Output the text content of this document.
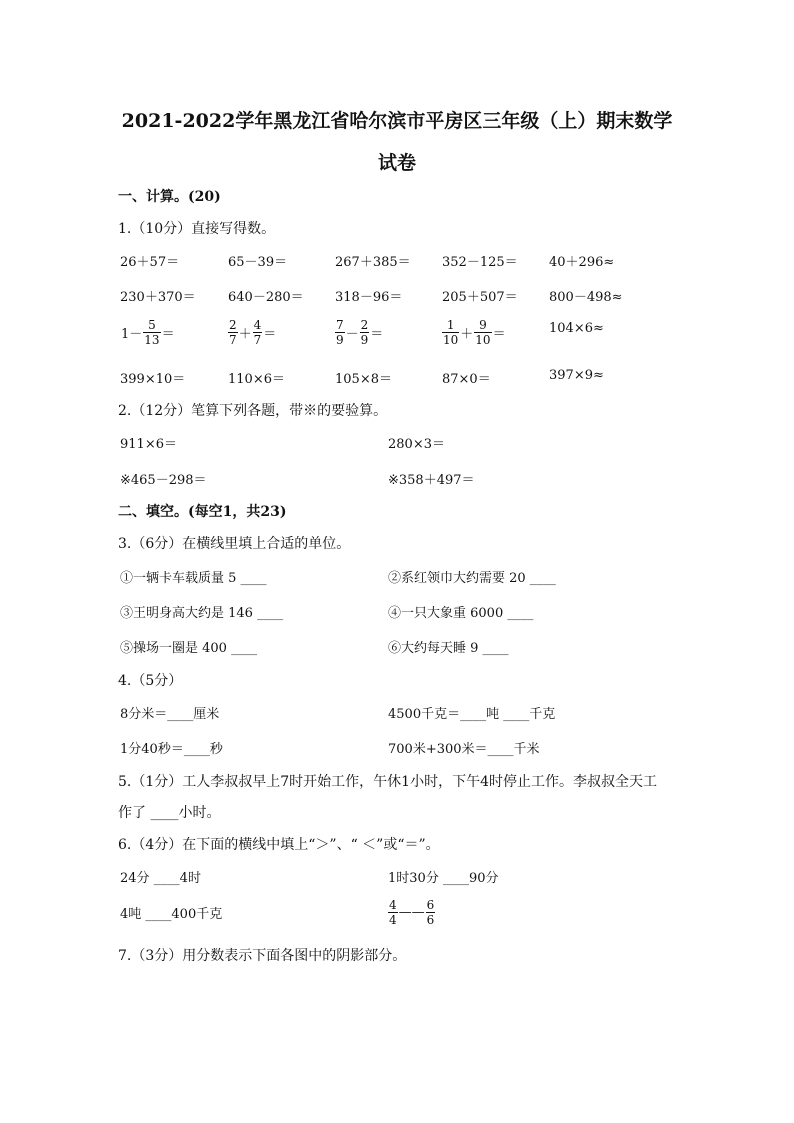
2021-2022学年黑龙江省哈尔滨市平房区三年级（上）期末数学
试卷
一、计算。(20)
1.（10分）直接写得数。
26＋57＝	65－39＝	267＋385＝ 352－125＝ 40＋296≈
230＋370＝ 640－280＝ 318－96＝	205＋507＝ 800－498≈
$1- \frac{5}{13}$ ＝	$\frac{2}{7} + \frac{4}{7}$ ＝	$\frac{7}{9} - \frac{2}{9}$ ＝	$\frac{1}{10} + \frac{9}{10}$ ＝	104×6≈
399×10＝	110×6＝	105×8＝	87×0＝	397×9≈
2.（12分）笔算下列各题，带※的要验算。
911×6＝	280×3＝
※465－298＝	※358＋497＝
二、填空。(每空1，共23)
3.（6分）在横线里填上合适的单位。
①一辆卡车载质量 5 ____	②系红领巾大约需要 20 ____
③王明身高大约是 146 ____	④一只大象重 6000 ____
⑤操场一圈是 400 ____	⑥大约每天睡 9 ____
4.（5分）
8分米＝____厘米	4500千克＝____吨 ____千克
1分40秒＝____秒	700米+300米＝____千米
5.（1分）工人李叔叔早上7时开始工作，午休1小时，下午4时停止工作。李叔叔全天工
作了 ____小时。
6.（4分）在下面的横线中填上“＞”、“ ＜”或“＝”。
24分 ____4时	1时30分 ____90分
4吨 ____400千克	$\frac{4}{4}$ —— $\frac{6}{6}$
7.（3分）用分数表示下面各图中的阴影部分。
